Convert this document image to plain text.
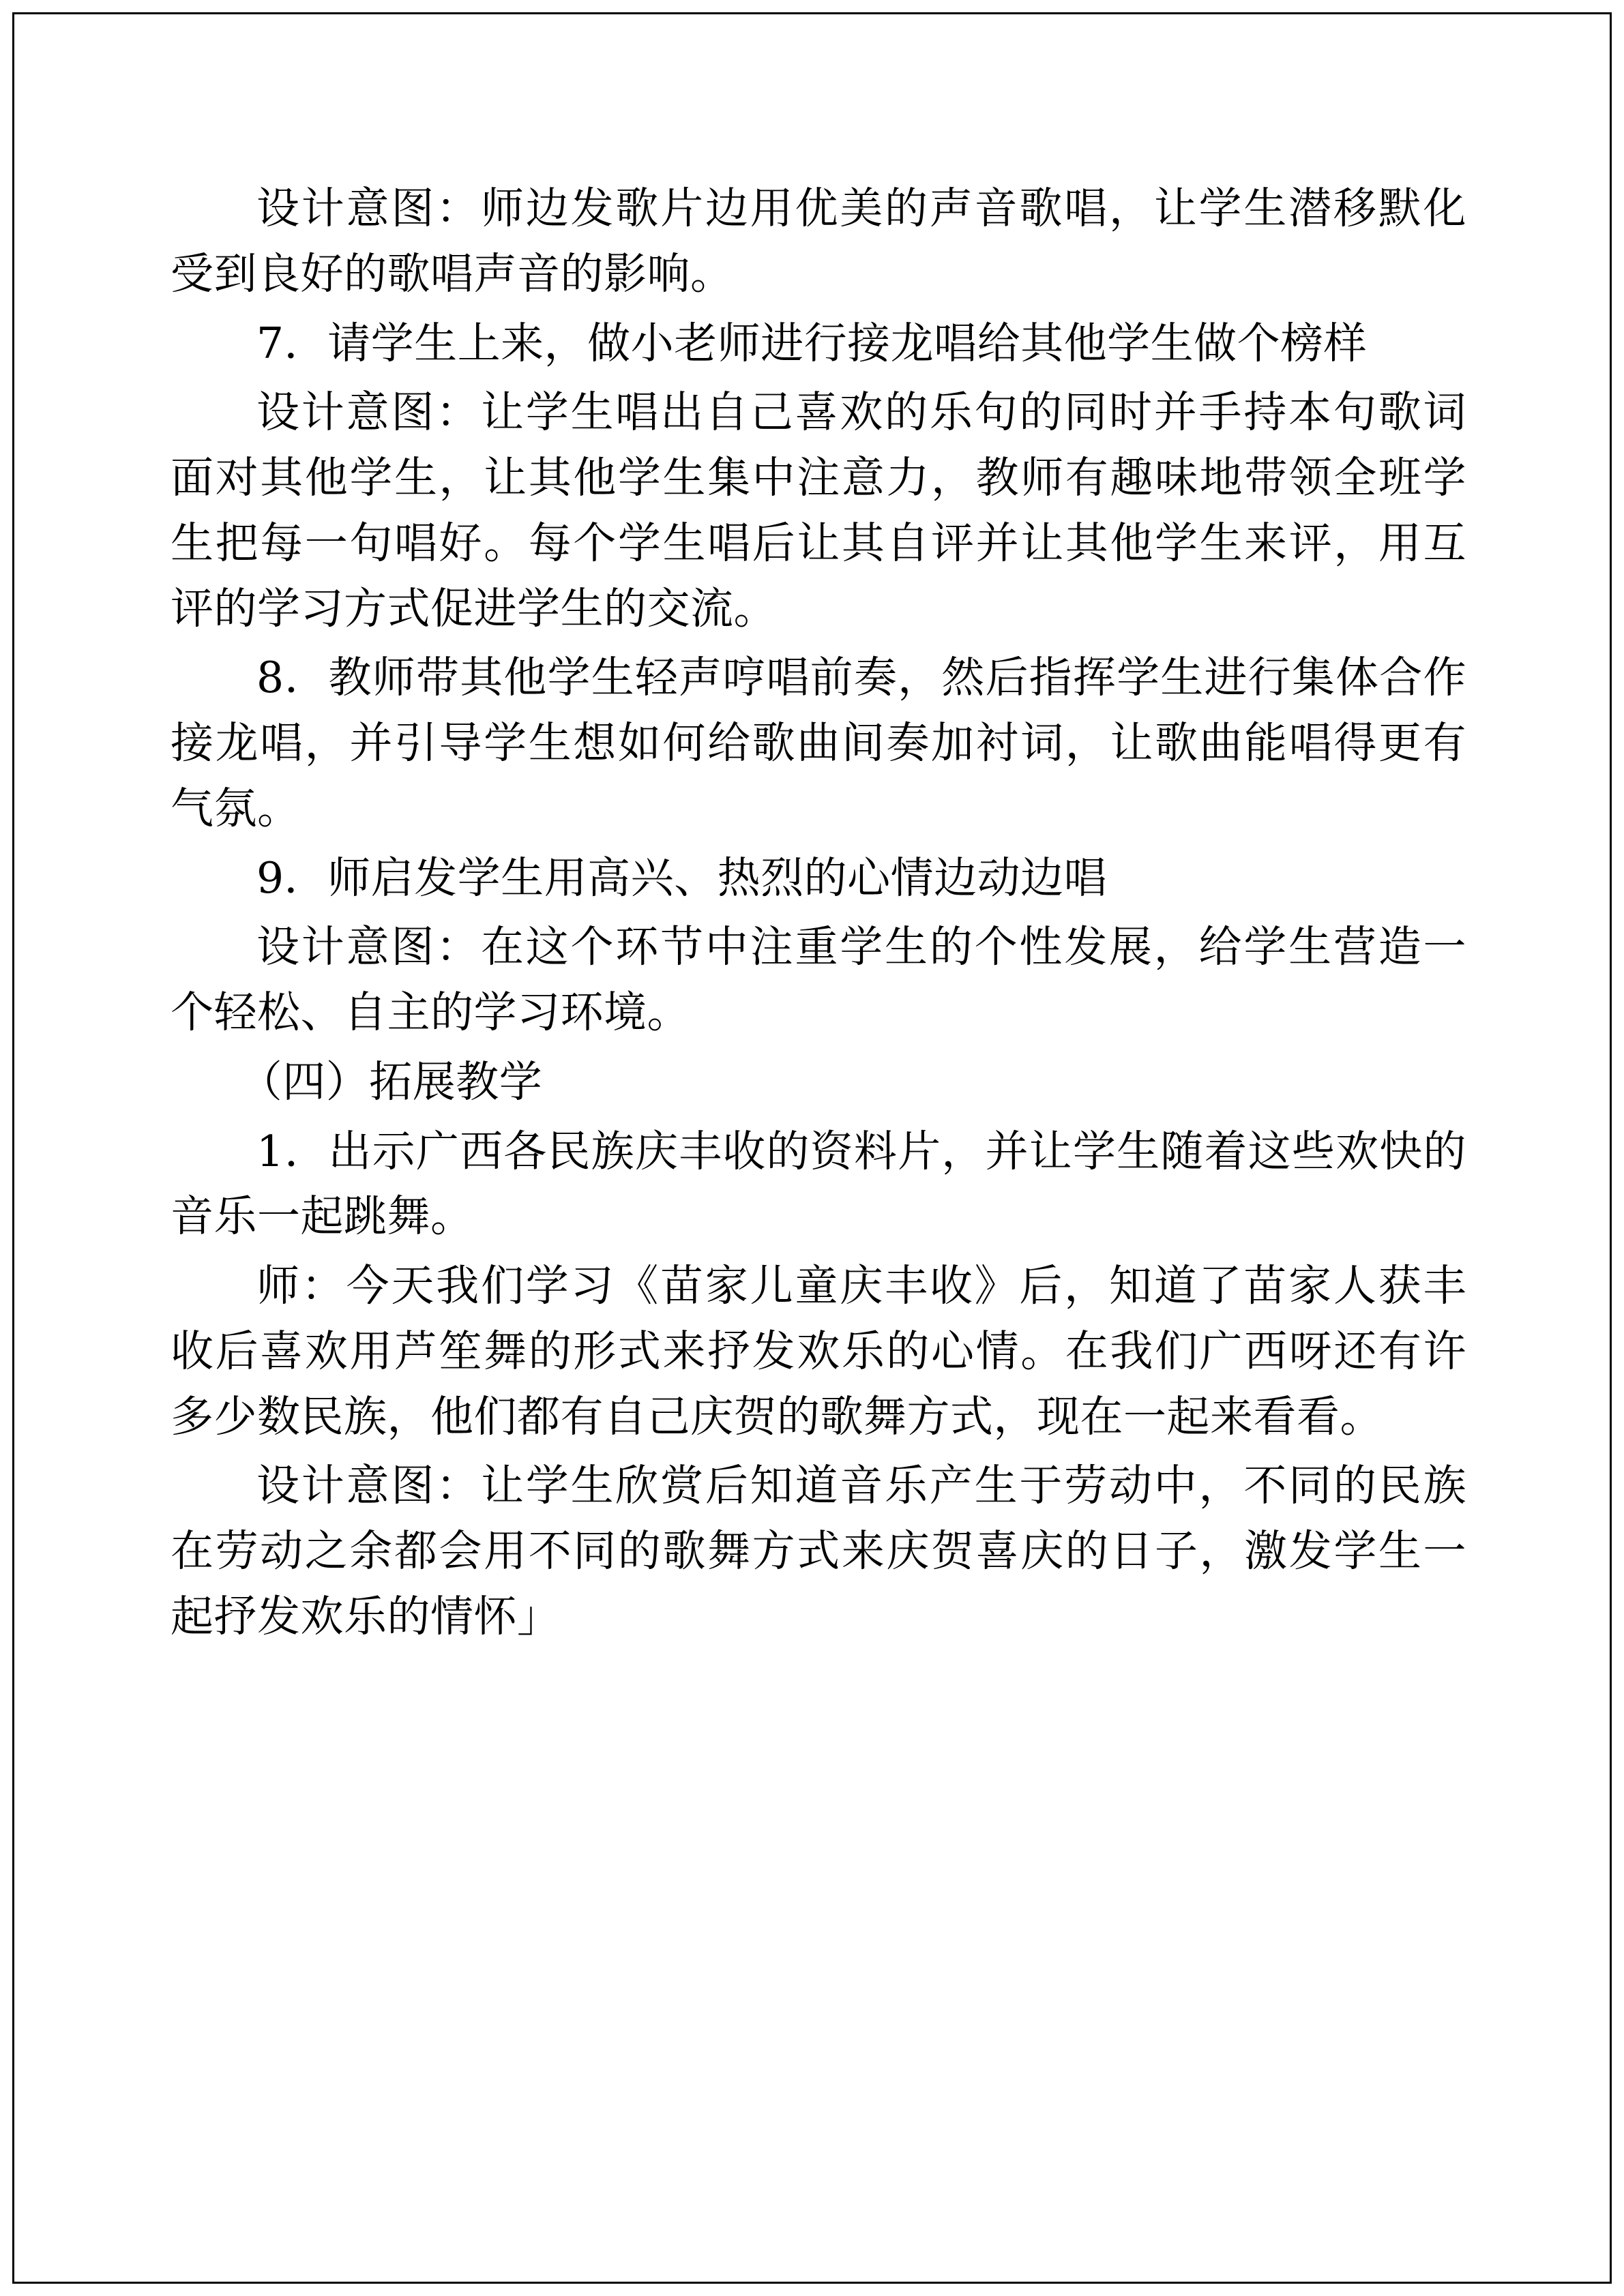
设计意图：师边发歌片边用优美的声音歌唱，让学生潜移默化受到良好的歌唱声音的影响。

7．请学生上来，做小老师进行接龙唱给其他学生做个榜样

设计意图：让学生唱出自己喜欢的乐句的同时并手持本句歌词面对其他学生，让其他学生集中注意力，教师有趣味地带领全班学生把每一句唱好。每个学生唱后让其自评并让其他学生来评，用互评的学习方式促进学生的交流。

8．教师带其他学生轻声哼唱前奏，然后指挥学生进行集体合作接龙唱，并引导学生想如何给歌曲间奏加衬词，让歌曲能唱得更有气氛。

9．师启发学生用高兴、热烈的心情边动边唱

设计意图：在这个环节中注重学生的个性发展，给学生营造一个轻松、自主的学习环境。

（四）拓展教学

1．出示广西各民族庆丰收的资料片，并让学生随着这些欢快的音乐一起跳舞。

师：今天我们学习《苗家儿童庆丰收》后，知道了苗家人获丰收后喜欢用芦笙舞的形式来抒发欢乐的心情。在我们广西呀还有许多少数民族，他们都有自己庆贺的歌舞方式，现在一起来看看。

设计意图：让学生欣赏后知道音乐产生于劳动中，不同的民族在劳动之余都会用不同的歌舞方式来庆贺喜庆的日子，激发学生一起抒发欢乐的情怀」
